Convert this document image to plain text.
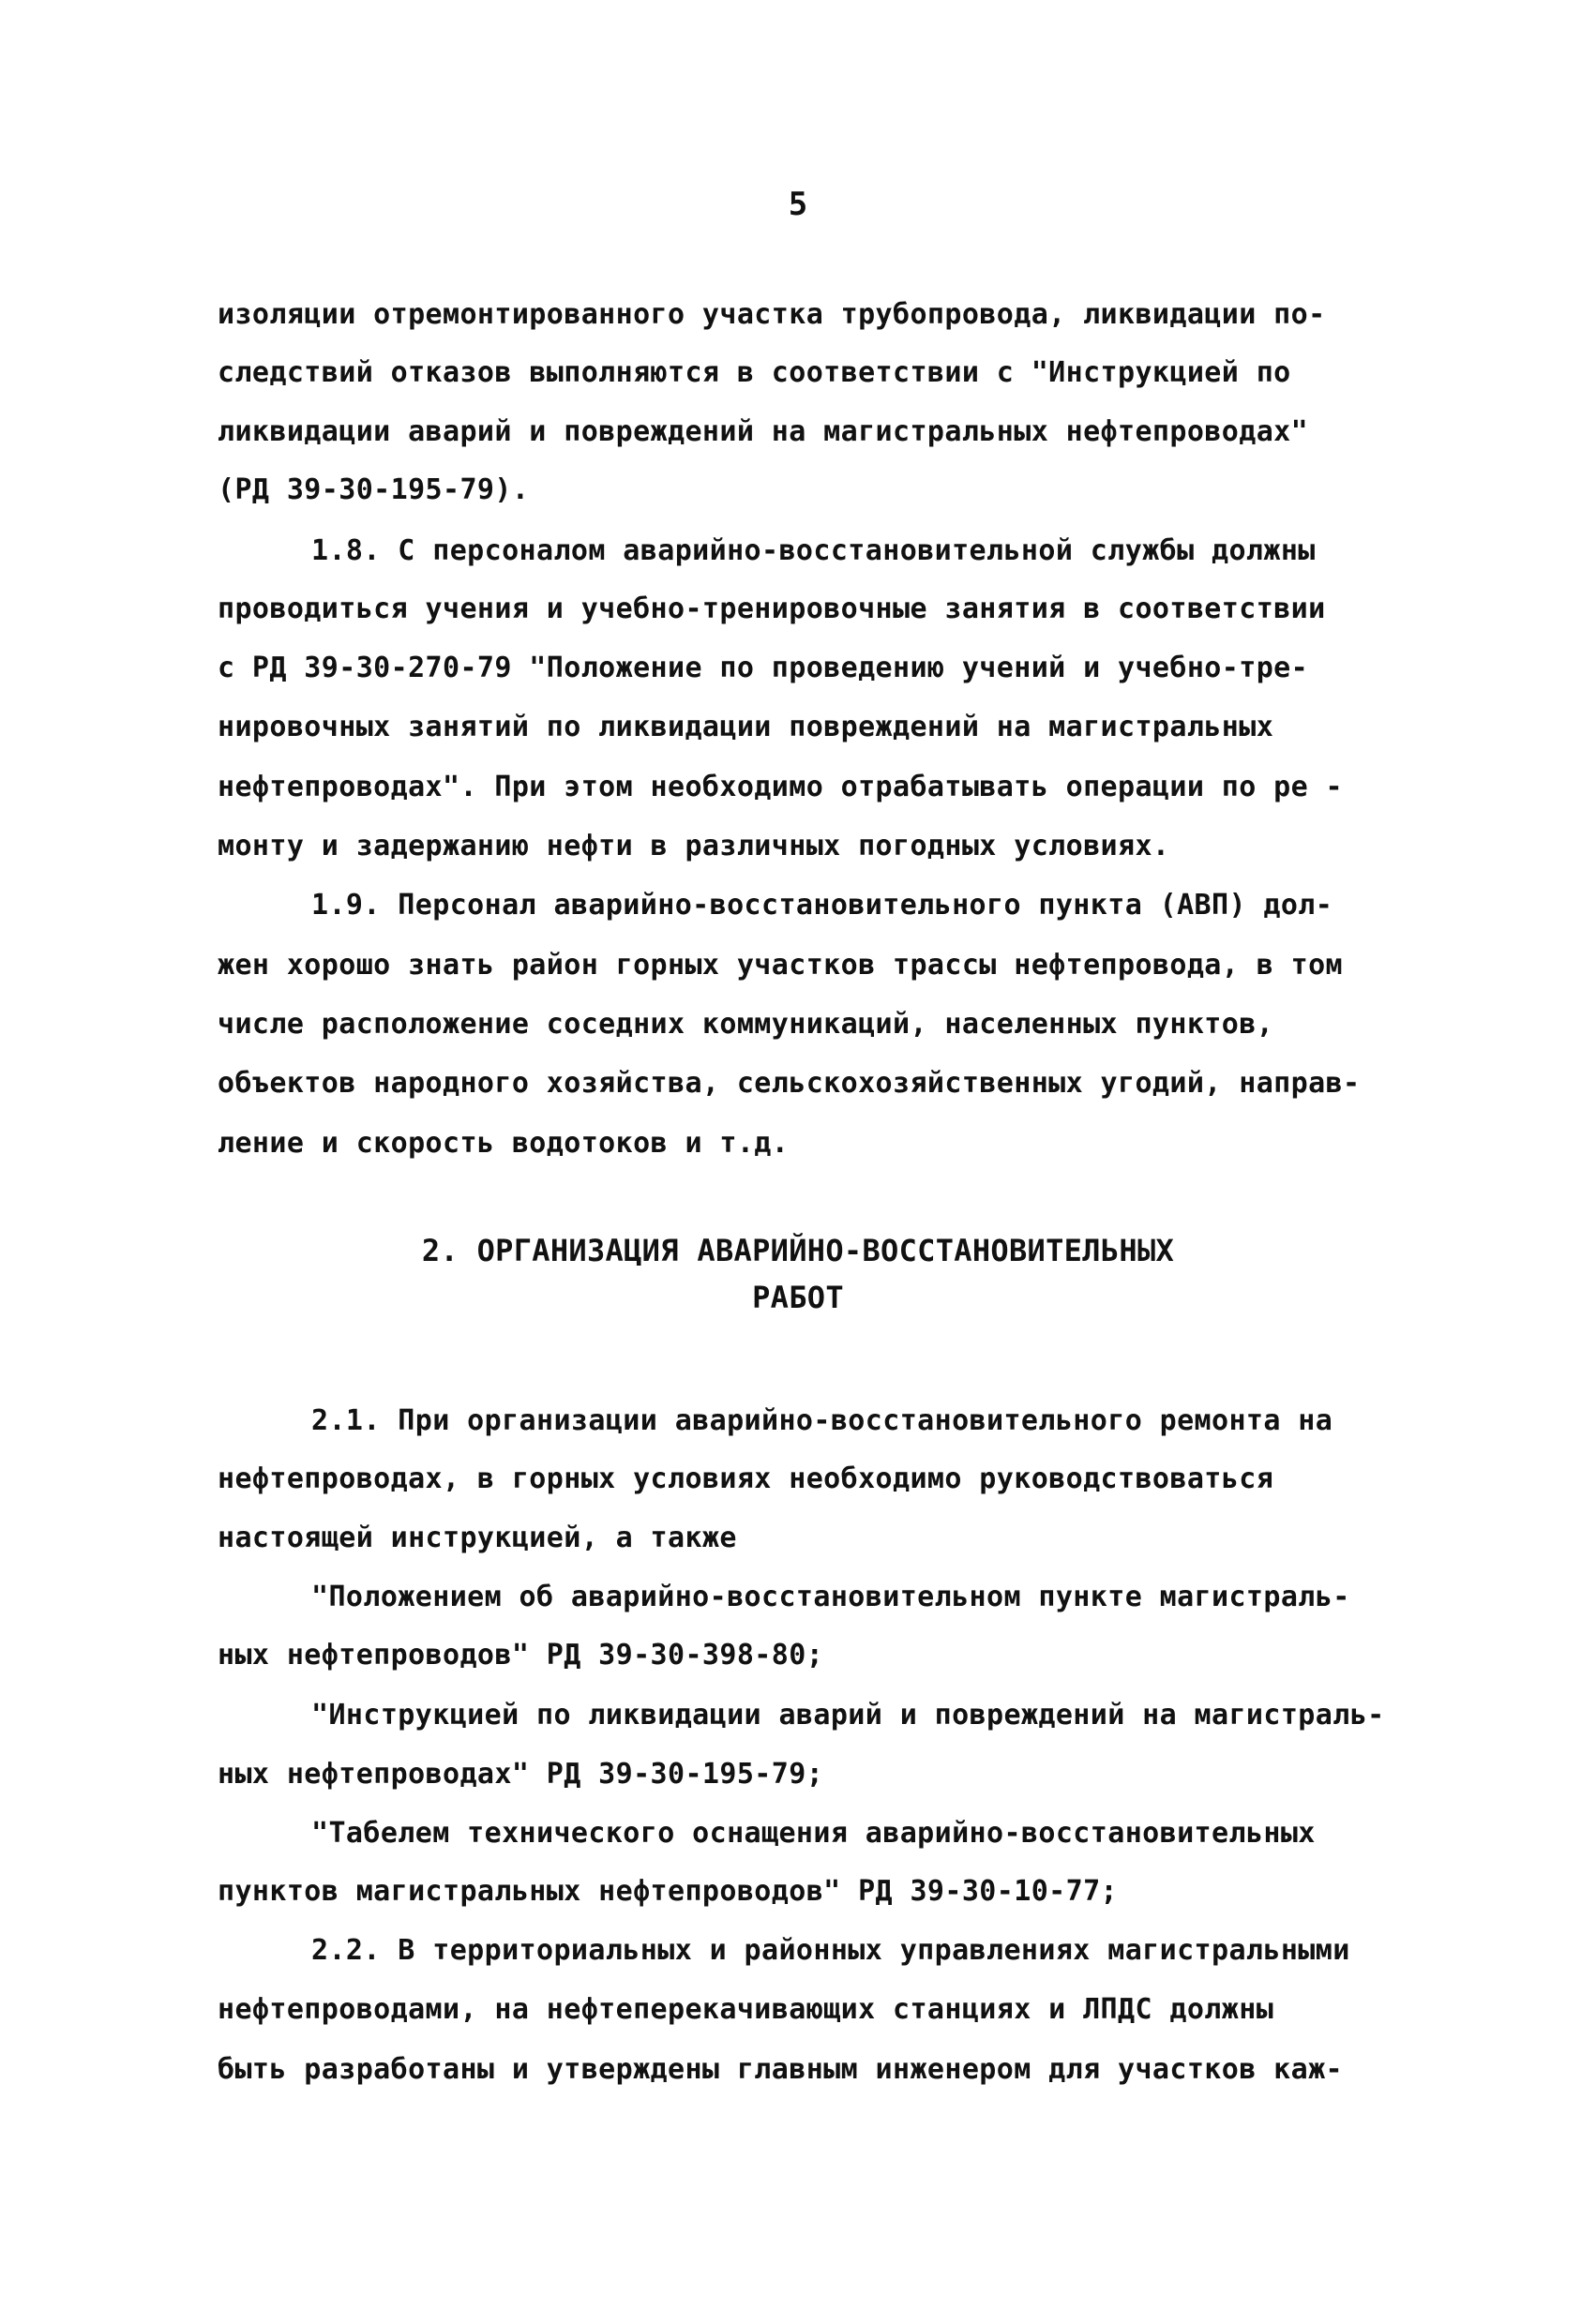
5
изоляции отремонтированного участка трубопровода, ликвидации по-
следствий отказов выполняются в соответствии с "Инструкцией по
ликвидации аварий и повреждений на магистральных нефтепроводах"
(РД 39-30-195-79).
1.8. С персоналом аварийно-восстановительной службы должны
проводиться учения и учебно-тренировочные занятия в соответствии
с РД 39-30-270-79 "Положение по проведению учений и учебно-тре-
нировочных занятий по ликвидации повреждений на магистральных
нефтепроводах". При этом необходимо отрабатывать операции по ре -
монту и задержанию нефти в различных погодных условиях.
1.9. Персонал аварийно-восстановительного пункта (АВП) дол-
жен хорошо знать район горных участков трассы нефтепровода, в том
числе расположение соседних коммуникаций, населенных пунктов,
объектов народного хозяйства, сельскохозяйственных угодий, направ-
ление и скорость водотоков и т.д.
2. ОРГАНИЗАЦИЯ АВАРИЙНО-ВОССТАНОВИТЕЛЬНЫХ
РАБОТ
2.1. При организации аварийно-восстановительного ремонта на
нефтепроводах, в горных условиях необходимо руководствоваться
настоящей инструкцией, а также
"Положением об аварийно-восстановительном пункте магистраль-
ных нефтепроводов" РД 39-30-398-80;
"Инструкцией по ликвидации аварий и повреждений на магистраль-
ных нефтепроводах" РД 39-30-195-79;
"Табелем технического оснащения аварийно-восстановительных
пунктов магистральных нефтепроводов" РД 39-30-10-77;
2.2. В территориальных и районных управлениях магистральными
нефтепроводами, на нефтеперекачивающих станциях и ЛПДС должны
быть разработаны и утверждены главным инженером для участков каж-
